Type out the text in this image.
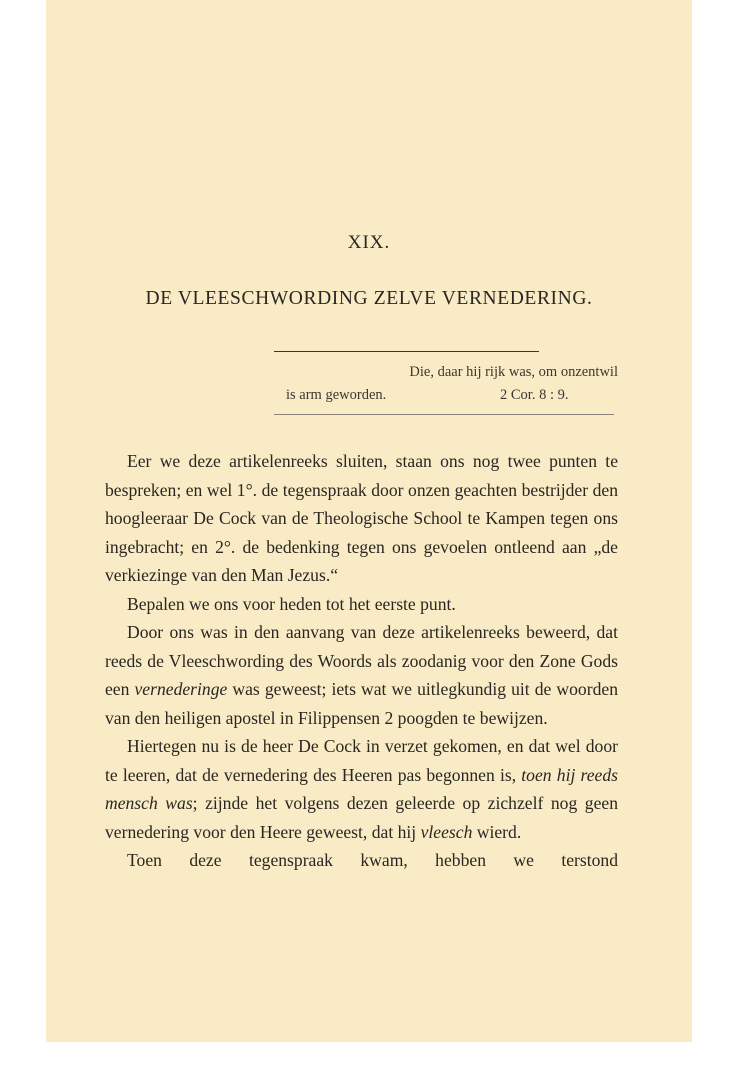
XIX.
DE VLEESCHWORDING ZELVE VERNEDERING.
Die, daar hij rijk was, om onzentwil
is arm geworden.	2 Cor. 8 : 9.

Eer we deze artikelenreeks sluiten, staan ons nog twee punten te bespreken; en wel 1°. de tegenspraak door onzen geachten bestrijder den hoogleeraar De Cock van de Theologische School te Kampen tegen ons ingebracht; en 2°. de bedenking tegen ons gevoelen ontleend aan „de verkiezinge van den Man Jezus.“

Bepalen we ons voor heden tot het eerste punt.

Door ons was in den aanvang van deze artikelenreeks beweerd, dat reeds de Vleeschwording des Woords als zoodanig voor den Zone Gods een vernederinge was geweest; iets wat we uitlegkundig uit de woorden van den heiligen apostel in Filippensen 2 poogden te bewijzen.

Hiertegen nu is de heer De Cock in verzet gekomen, en dat wel door te leeren, dat de vernedering des Heeren pas begonnen is, toen hij reeds mensch was; zijnde het volgens dezen geleerde op zichzelf nog geen vernedering voor den Heere geweest, dat hij vleesch wierd.

Toen deze tegenspraak kwam, hebben we terstond
